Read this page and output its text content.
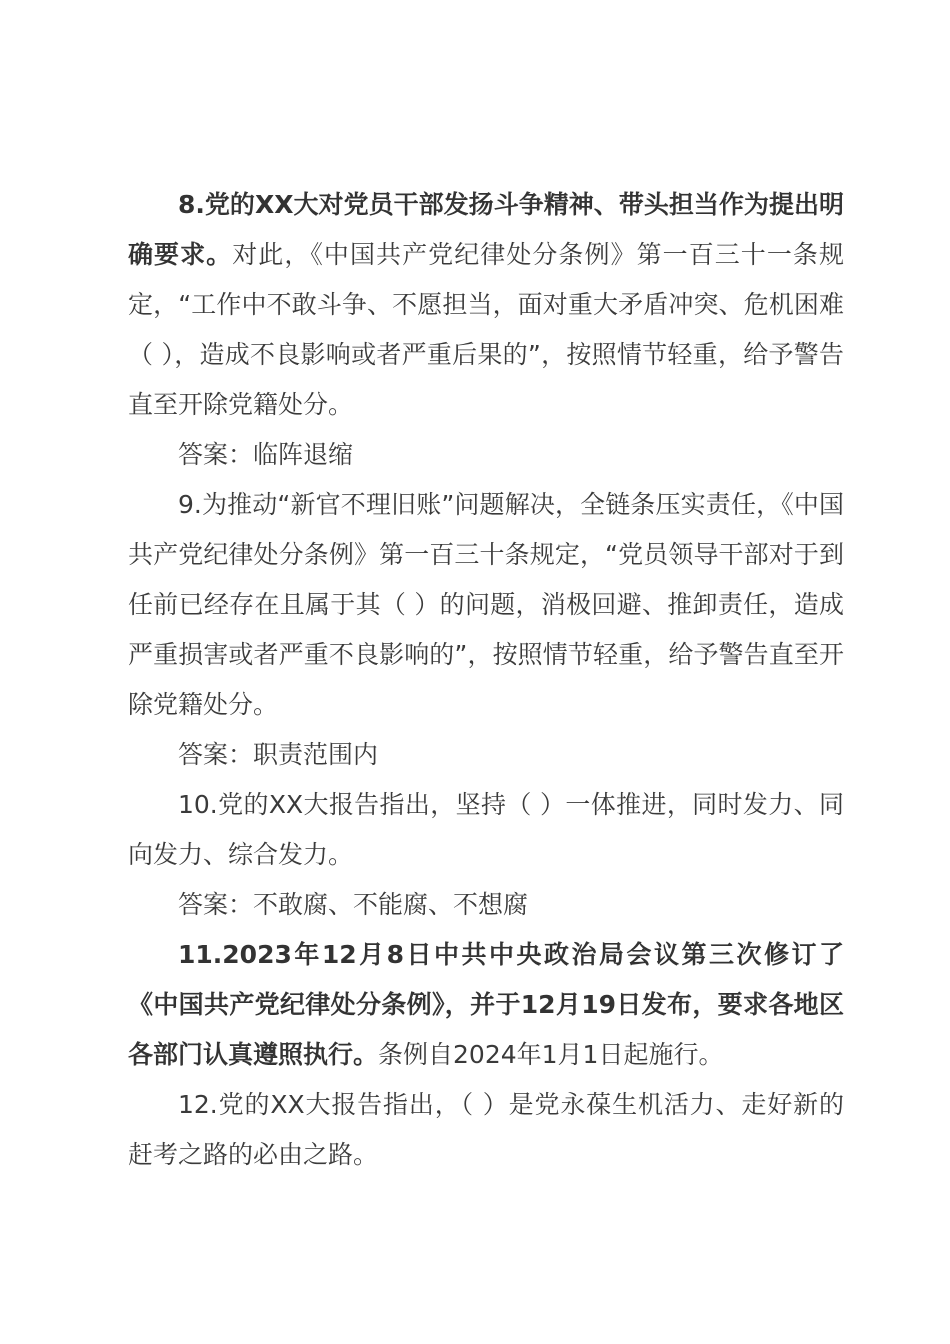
8.党的XX大对党员干部发扬斗争精神、带头担当作为提出明确要求。对此，《中国共产党纪律处分条例》第一百三十一条规定，“工作中不敢斗争、不愿担当，面对重大矛盾冲突、危机困难（ ），造成不良影响或者严重后果的”，按照情节轻重，给予警告直至开除党籍处分。

答案：临阵退缩

9.为推动“新官不理旧账”问题解决，全链条压实责任，《中国共产党纪律处分条例》第一百三十条规定，“党员领导干部对于到任前已经存在且属于其（ ）的问题，消极回避、推卸责任，造成严重损害或者严重不良影响的”，按照情节轻重，给予警告直至开除党籍处分。

答案：职责范围内

10.党的XX大报告指出，坚持（ ）一体推进，同时发力、同向发力、综合发力。

答案：不敢腐、不能腐、不想腐

11.2023年12月8日中共中央政治局会议第三次修订了《中国共产党纪律处分条例》，并于12月19日发布，要求各地区各部门认真遵照执行。条例自2024年1月1日起施行。

12.党的XX大报告指出，（ ）是党永葆生机活力、走好新的赶考之路的必由之路。
